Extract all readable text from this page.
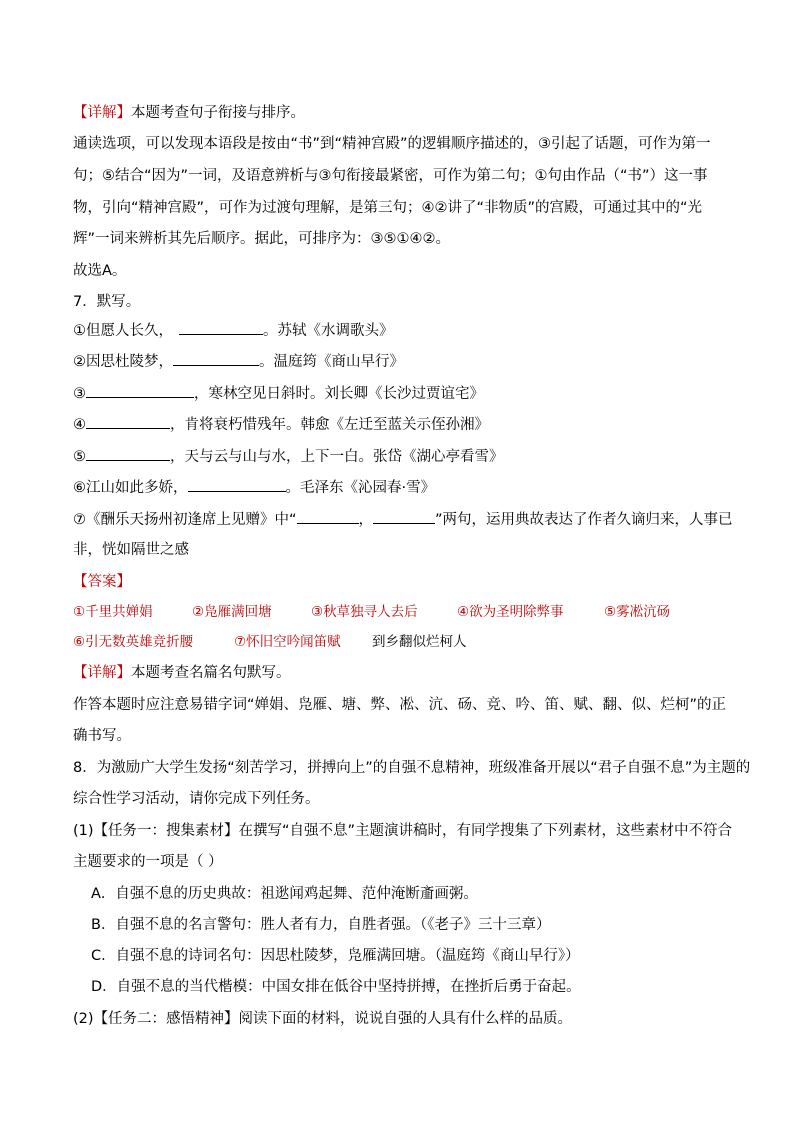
【详解】本题考查句子衔接与排序。
通读选项，可以发现本语段是按由“书”到“精神宫殿”的逻辑顺序描述的，③引起了话题，可作为第一
句；⑤结合“因为”一词，及语意辨析与③句衔接最紧密，可作为第二句；①句由作品（“书”）这一事
物，引向“精神宫殿”，可作为过渡句理解，是第三句；④②讲了“非物质”的宫殿，可通过其中的“光
辉”一词来辨析其先后顺序。据此，可排序为：③⑤①④②。
故选A。
7．默写。
①但愿人长久，	。苏轼《水调歌头》
②因思杜陵梦，	。温庭筠《商山早行》
③	，寒林空见日斜时。刘长卿《长沙过贾谊宅》
④	，肯将衰朽惜残年。韩愈《左迁至蓝关示侄孙湘》
⑤	，天与云与山与水，上下一白。张岱《湖心亭看雪》
⑥江山如此多娇，	。毛泽东《沁园春·雪》
⑦《酬乐天扬州初逢席上见赠》中“	，	”两句，运用典故表达了作者久谪归来，人事已
非，恍如隔世之感
【答案】
①千里共婵娟	②凫雁满回塘	③秋草独寻人去后	④欲为圣明除弊事	⑤雾凇沆砀
⑥引无数英雄竞折腰	⑦怀旧空吟闻笛赋 到乡翻似烂柯人
【详解】本题考查名篇名句默写。
作答本题时应注意易错字词“婵娟、凫雁、塘、弊、凇、沆、砀、竞、吟、笛、赋、翻、似、烂柯”的正
确书写。
8．为激励广大学生发扬“刻苦学习，拼搏向上”的自强不息精神，班级准备开展以“君子自强不息”为主题的
综合性学习活动，请你完成下列任务。
(1)【任务一：搜集素材】在撰写“自强不息”主题演讲稿时，有同学搜集了下列素材，这些素材中不符合
主题要求的一项是（ ）
A．自强不息的历史典故：祖逖闻鸡起舞、范仲淹断齑画粥。
B．自强不息的名言警句：胜人者有力，自胜者强。（《老子》三十三章）
C．自强不息的诗词名句：因思杜陵梦，凫雁满回塘。（温庭筠《商山早行》）
D．自强不息的当代楷模：中国女排在低谷中坚持拼搏，在挫折后勇于奋起。
(2)【任务二：感悟精神】阅读下面的材料，说说自强的人具有什么样的品质。
